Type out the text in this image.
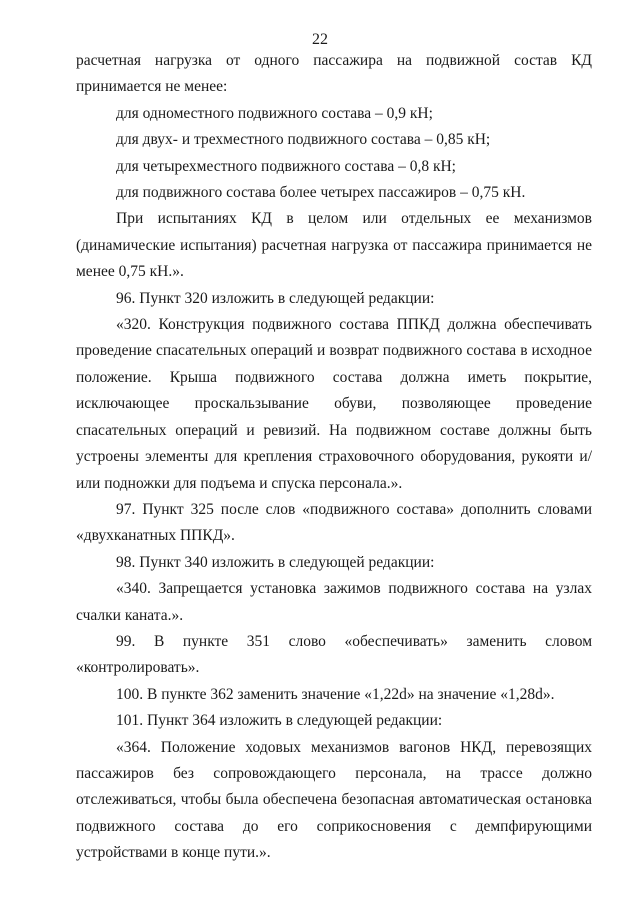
22

расчетная нагрузка от одного пассажира на подвижной состав КД принимается не менее:

для одноместного подвижного состава – 0,9 кН;

для двух- и трехместного подвижного состава – 0,85 кН;

для четырехместного подвижного состава – 0,8 кН;

для подвижного состава более четырех пассажиров – 0,75 кН.

При испытаниях КД в целом или отдельных ее механизмов (динамические испытания) расчетная нагрузка от пассажира принимается не менее 0,75 кН.».

96. Пункт 320 изложить в следующей редакции:

«320. Конструкция подвижного состава ППКД должна обеспечивать проведение спасательных операций и возврат подвижного состава в исходное положение. Крыша подвижного состава должна иметь покрытие, исключающее проскальзывание обуви, позволяющее проведение спасательных операций и ревизий. На подвижном составе должны быть устроены элементы для крепления страховочного оборудования, рукояти и/или подножки для подъема и спуска персонала.».

97. Пункт 325 после слов «подвижного состава» дополнить словами «двухканатных ППКД».

98. Пункт 340 изложить в следующей редакции:

«340. Запрещается установка зажимов подвижного состава на узлах счалки каната.».

99. В пункте 351 слово «обеспечивать» заменить словом «контролировать».

100. В пункте 362 заменить значение «1,22d» на значение «1,28d».

101. Пункт 364 изложить в следующей редакции:

«364. Положение ходовых механизмов вагонов НКД, перевозящих пассажиров без сопровождающего персонала, на трассе должно отслеживаться, чтобы была обеспечена безопасная автоматическая остановка подвижного состава до его соприкосновения с демпфирующими устройствами в конце пути.».
